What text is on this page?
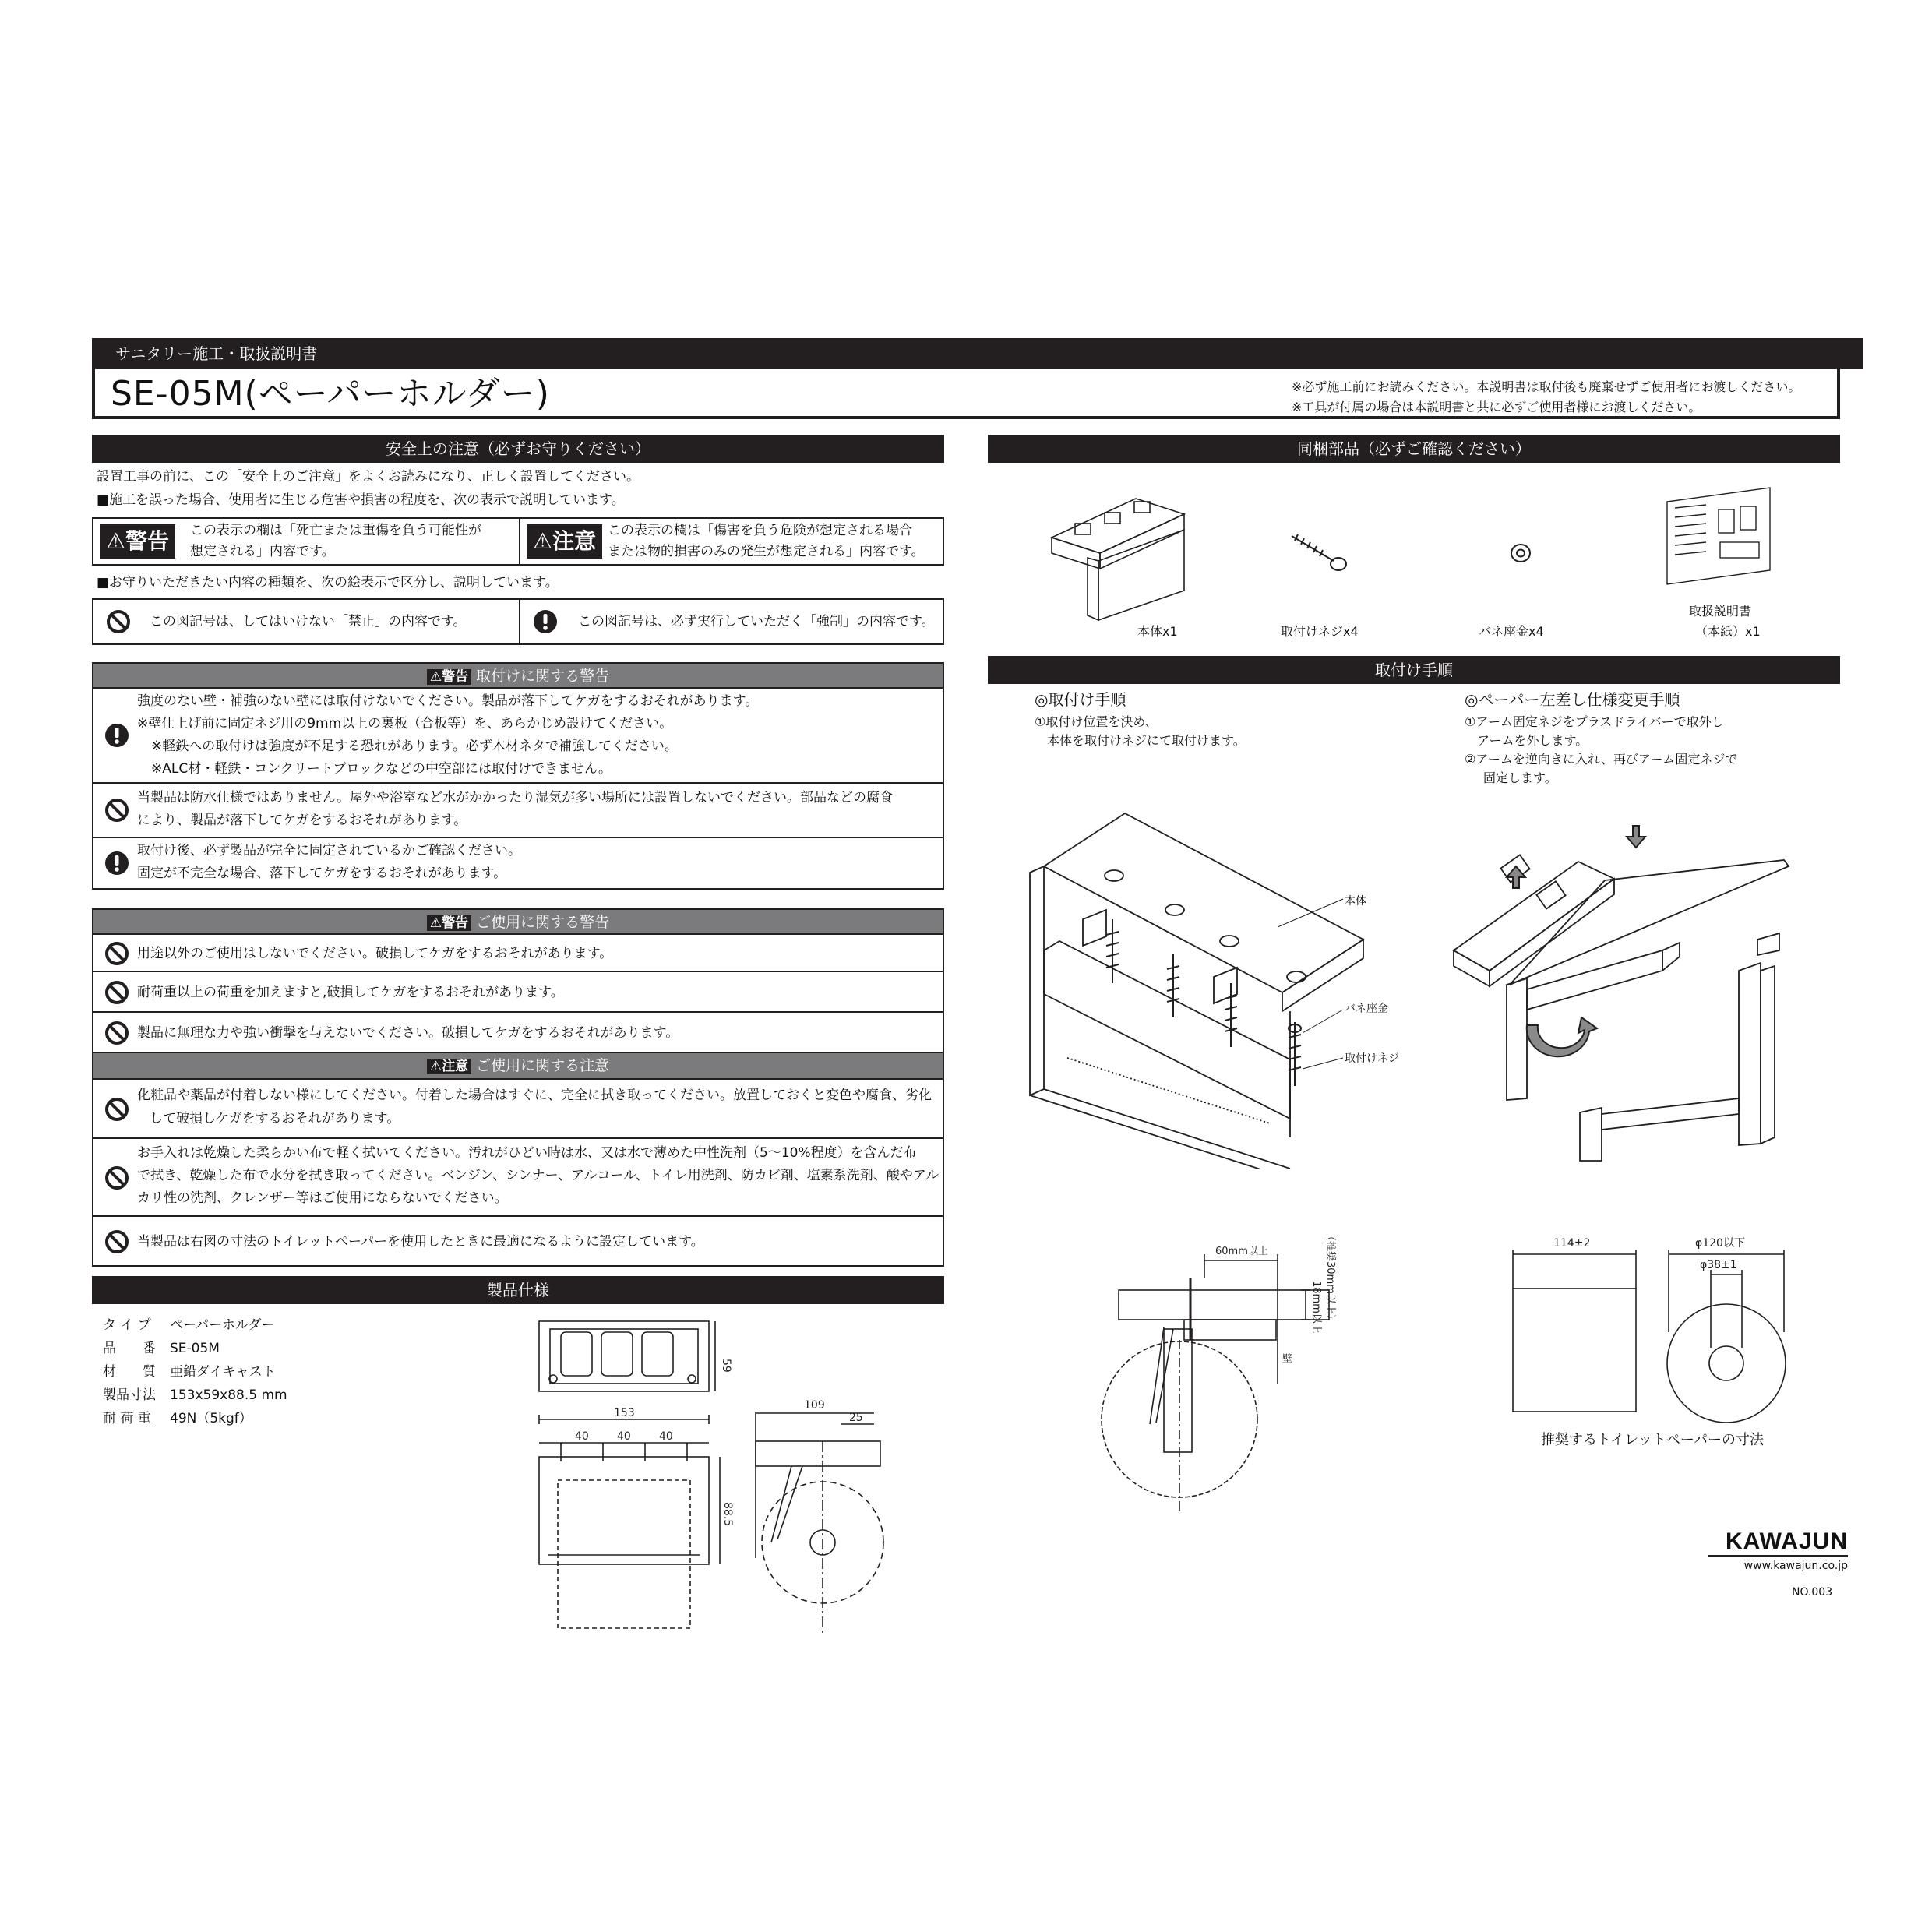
サニタリー施工・取扱説明書
SE-05M(ペーパーホルダー)	※必ず施工前にお読みください。本説明書は取付後も廃棄せずご使用者にお渡しください。
※工具が付属の場合は本説明書と共に必ずご使用者様にお渡しください。
安全上の注意（必ずお守りください）
設置工事の前に、この「安全上のご注意」をよくお読みになり、正しく設置してください。
■施工を誤った場合、使用者に生じる危害や損害の程度を、次の表示で説明しています。
⚠警告	この表示の欄は「死亡または重傷を負う可能性が
想定される」内容です。	⚠注意 この表示の欄は「傷害を負う危険が想定される場合
または物的損害のみの発生が想定される」内容です。
■お守りいただきたい内容の種類を、次の絵表示で区分し、説明しています。
この図記号は、してはいけない「禁止」の内容です。	この図記号は、必ず実行していただく「強制」の内容です。
⚠警告 取付けに関する警告
強度のない壁・補強のない壁には取付けないでください。製品が落下してケガをするおそれがあります。
※壁仕上げ前に固定ネジ用の9mm以上の裏板（合板等）を、あらかじめ設けてください。
※軽鉄への取付けは強度が不足する恐れがあります。必ず木材ネタで補強してください。
※ALC材・軽鉄・コンクリートブロックなどの中空部には取付けできません。
当製品は防水仕様ではありません。屋外や浴室など水がかかったり湿気が多い場所には設置しないでください。部品などの腐食
により、製品が落下してケガをするおそれがあります。
取付け後、必ず製品が完全に固定されているかご確認ください。
固定が不完全な場合、落下してケガをするおそれがあります。
⚠警告 ご使用に関する警告
用途以外のご使用はしないでください。破損してケガをするおそれがあります。
耐荷重以上の荷重を加えますと,破損してケガをするおそれがあります。
製品に無理な力や強い衝撃を与えないでください。破損してケガをするおそれがあります。
⚠注意 ご使用に関する注意
化粧品や薬品が付着しない様にしてください。付着した場合はすぐに、完全に拭き取ってください。放置しておくと変色や腐食、劣化
して破損しケガをするおそれがあります。
お手入れは乾燥した柔らかい布で軽く拭いてください。汚れがひどい時は水、又は水で薄めた中性洗剤（5～10%程度）を含んだ布
で拭き、乾燥した布で水分を拭き取ってください。ベンジン、シンナー、アルコール、トイレ用洗剤、防カビ剤、塩素系洗剤、酸やアル
カリ性の洗剤、クレンザー等はご使用にならないでください。
当製品は右図の寸法のトイレットペーパーを使用したときに最適になるように設定しています。
製品仕様
タ イ プ	ペーパーホルダー
品　　番	SE-05M
材　　質	亜鉛ダイキャスト
製品寸法	153x59x88.5 mm
耐 荷 重	49N（5kgf）
59
153
40	40	40
88.5
109
25
同梱部品（必ずご確認ください）
本体x1	取付けネジx4	バネ座金x4
取扱説明書
（本紙）x1
取付け手順
◎取付け手順
①取付け位置を決め、
本体を取付けネジにて取付けます。
◎ペーパー左差し仕様変更手順
①アーム固定ネジをプラスドライバーで取外し
アームを外します。
②アームを逆向きに入れ、再びアーム固定ネジで
固定します。
本体
バネ座金
取付けネジ
60mm以上
18mm以上 （推奨30mm以上）
壁
114±2	φ120以下
φ38±1
推奨するトイレットペーパーの寸法
KAWAJUN
www.kawajun.co.jp
NO.003
